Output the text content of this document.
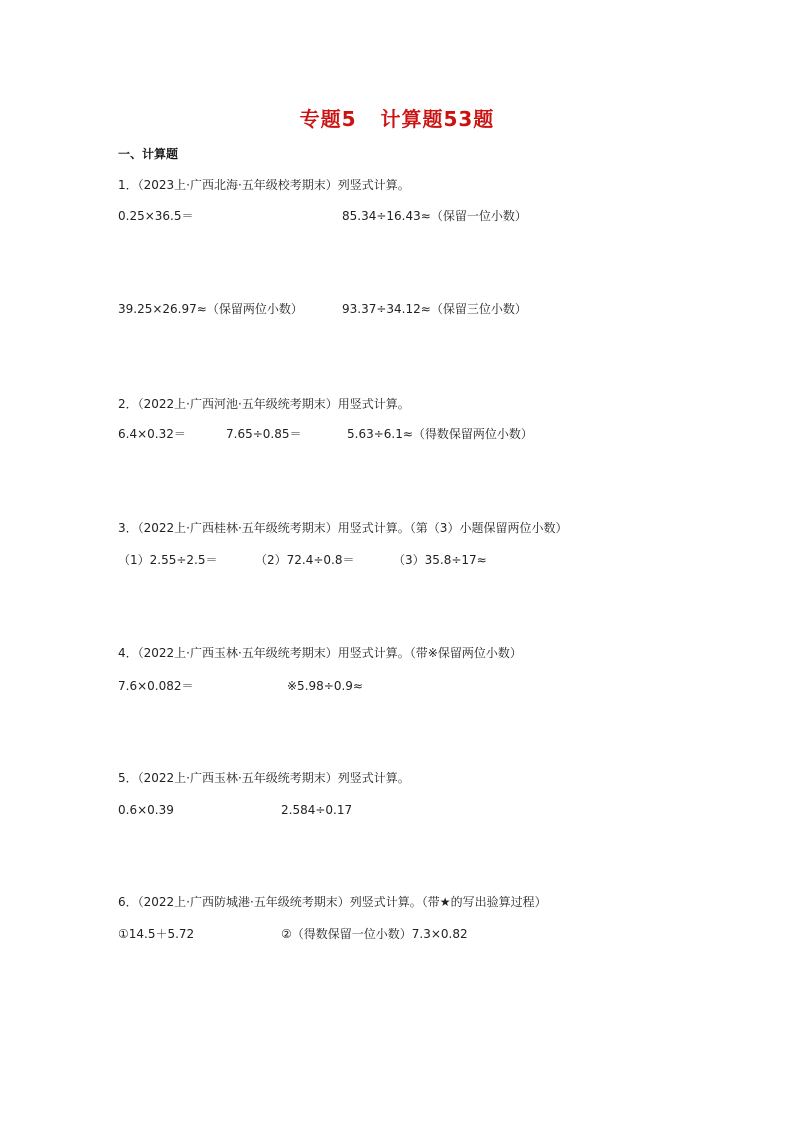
专题5   计算题53题
一、计算题
1．（2023上·广西北海·五年级校考期末）列竖式计算。
0.25×36.5＝	85.34÷16.43≈（保留一位小数）
39.25×26.97≈（保留两位小数）	93.37÷34.12≈（保留三位小数）
2．（2022上·广西河池·五年级统考期末）用竖式计算。
6.4×0.32＝	7.65÷0.85＝	5.63÷6.1≈（得数保留两位小数）
3．（2022上·广西桂林·五年级统考期末）用竖式计算。（第（3）小题保留两位小数）
（1）2.55÷2.5＝	（2）72.4÷0.8＝	（3）35.8÷17≈
4．（2022上·广西玉林·五年级统考期末）用竖式计算。（带※保留两位小数）
7.6×0.082＝	※5.98÷0.9≈
5．（2022上·广西玉林·五年级统考期末）列竖式计算。
0.6×0.39	2.584÷0.17
6．（2022上·广西防城港·五年级统考期末）列竖式计算。（带★的写出验算过程）
①14.5＋5.72	②（得数保留一位小数）7.3×0.82
